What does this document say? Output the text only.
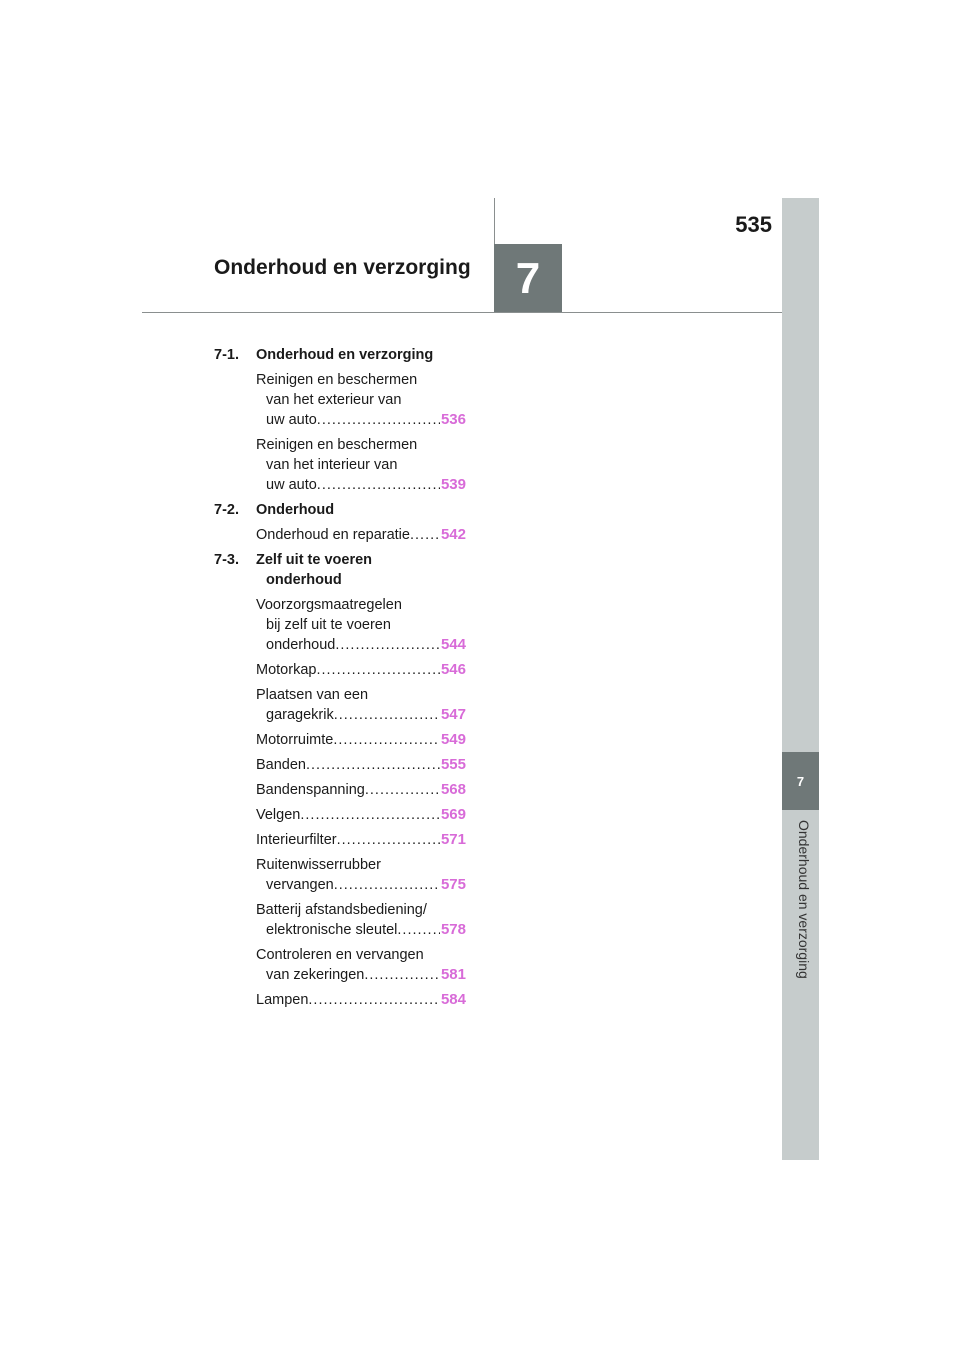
535
Onderhoud en verzorging	7
7
Onderhoud en verzorging
7-1. Onderhoud en verzorging
Reinigen en beschermen
van het exterieur van
uw auto .....	536
Reinigen en beschermen
van het interieur van
uw auto .....	539
7-2. Onderhoud
Onderhoud en reparatie ..... 542
7-3. Zelf uit te voeren
onderhoud
Voorzorgsmaatregelen
bij zelf uit te voeren
onderhoud .....	544
Motorkap .....	546
Plaatsen van een
garagekrik .....	547
Motorruimte .....	549
Banden .....	555
Bandenspanning .....	568
Velgen .....	569
Interieurfilter .....	571
Ruitenwisserrubber
vervangen .....	575
Batterij afstandsbediening/
elektronische sleutel .....	578
Controleren en vervangen
van zekeringen .....	581
Lampen .....	584
